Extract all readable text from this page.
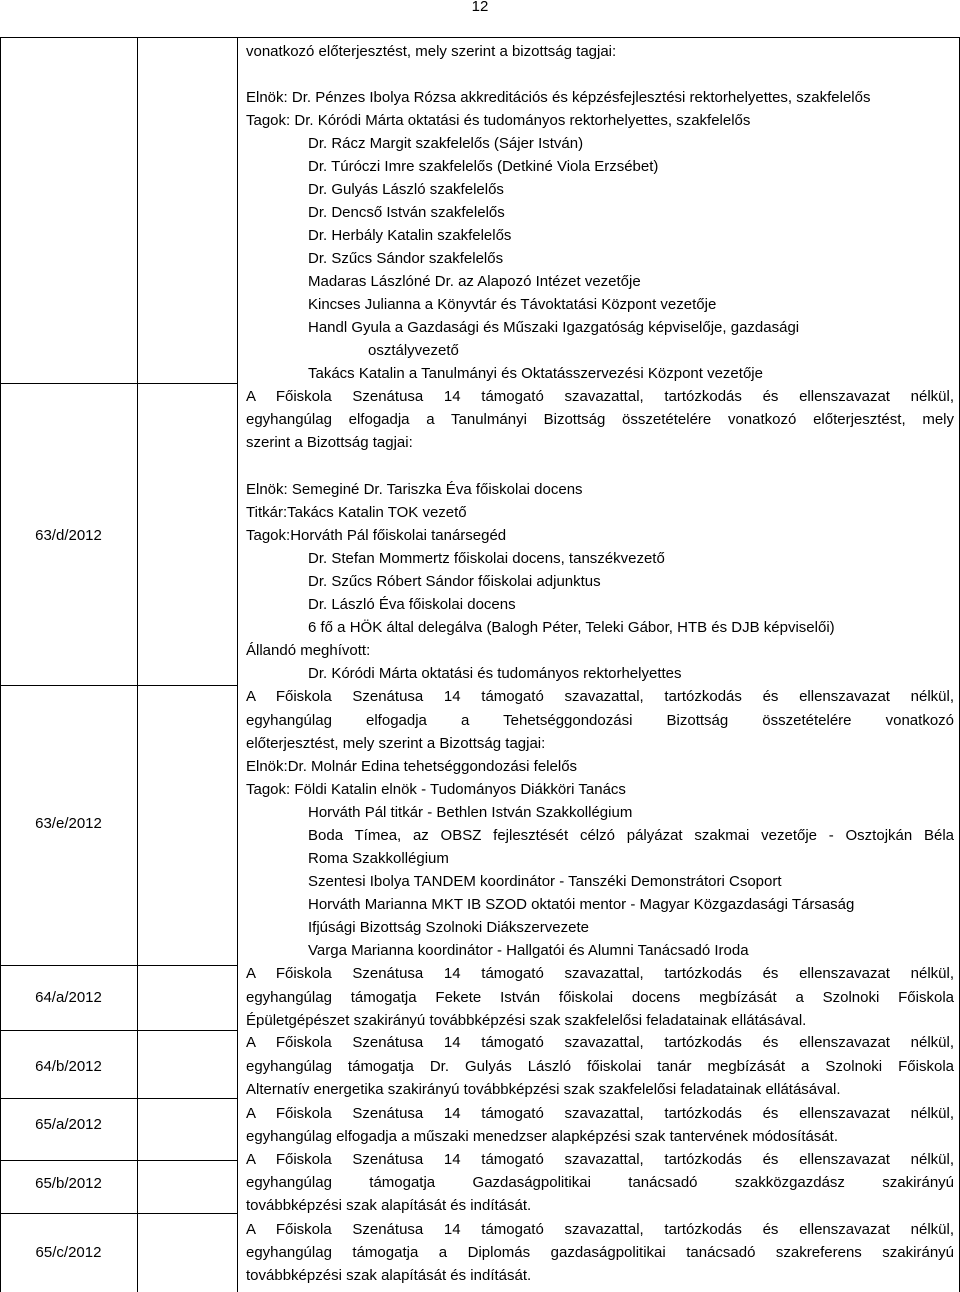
12
63/d/2012
63/e/2012
64/a/2012
64/b/2012
65/a/2012
65/b/2012
65/c/2012
vonatkozó előterjesztést, mely szerint a bizottság tagjai:
Elnök: Dr. Pénzes Ibolya Rózsa akkreditációs és képzésfejlesztési rektorhelyettes, szakfelelős
Tagok: Dr. Kóródi Márta oktatási és tudományos rektorhelyettes, szakfelelős
Dr. Rácz Margit szakfelelős (Sájer István)
Dr. Túróczi Imre szakfelelős (Detkiné Viola Erzsébet)
Dr. Gulyás László szakfelelős
Dr. Dencső István szakfelelős
Dr. Herbály Katalin szakfelelős
Dr. Szűcs Sándor szakfelelős
Madaras Lászlóné Dr. az Alapozó Intézet vezetője
Kincses Julianna a Könyvtár és Távoktatási Központ vezetője
Handl Gyula a Gazdasági és Műszaki Igazgatóság képviselője, gazdasági
osztályvezető
Takács Katalin a Tanulmányi és Oktatásszervezési Központ vezetője
A Főiskola Szenátusa 14 támogató szavazattal, tartózkodás és ellenszavazat nélkül,
egyhangúlag elfogadja a Tanulmányi Bizottság összetételére vonatkozó előterjesztést, mely
szerint a Bizottság tagjai:
Elnök: Semeginé Dr. Tariszka Éva főiskolai docens
Titkár:Takács Katalin TOK vezető
Tagok:Horváth Pál főiskolai tanársegéd
Dr. Stefan Mommertz főiskolai docens, tanszékvezető
Dr. Szűcs Róbert Sándor főiskolai adjunktus
Dr. László Éva főiskolai docens
6 fő a HÖK által delegálva (Balogh Péter, Teleki Gábor, HTB és DJB képviselői)
Állandó meghívott:
Dr. Kóródi Márta oktatási és tudományos rektorhelyettes
A Főiskola Szenátusa 14 támogató szavazattal, tartózkodás és ellenszavazat nélkül,
egyhangúlag elfogadja a Tehetséggondozási Bizottság összetételére vonatkozó
előterjesztést, mely szerint a Bizottság tagjai:
Elnök:Dr. Molnár Edina tehetséggondozási felelős
Tagok: Földi Katalin elnök - Tudományos Diákköri Tanács
Horváth Pál titkár - Bethlen István Szakkollégium
Boda Tímea, az OBSZ fejlesztését célzó pályázat szakmai vezetője - Osztojkán Béla
Roma Szakkollégium
Szentesi Ibolya TANDEM koordinátor - Tanszéki Demonstrátori Csoport
Horváth Marianna MKT IB SZOD oktatói mentor - Magyar Közgazdasági Társaság
Ifjúsági Bizottság Szolnoki Diákszervezete
Varga Marianna koordinátor - Hallgatói és Alumni Tanácsadó Iroda
A Főiskola Szenátusa 14 támogató szavazattal, tartózkodás és ellenszavazat nélkül,
egyhangúlag támogatja Fekete István főiskolai docens megbízását a Szolnoki Főiskola
Épületgépészet szakirányú továbbképzési szak szakfelelősi feladatainak ellátásával.
A Főiskola Szenátusa 14 támogató szavazattal, tartózkodás és ellenszavazat nélkül,
egyhangúlag támogatja Dr. Gulyás László főiskolai tanár megbízását a Szolnoki Főiskola
Alternatív energetika szakirányú továbbképzési szak szakfelelősi feladatainak ellátásával.
A Főiskola Szenátusa 14 támogató szavazattal, tartózkodás és ellenszavazat nélkül,
egyhangúlag elfogadja a műszaki menedzser alapképzési szak tantervének módosítását.
A Főiskola Szenátusa 14 támogató szavazattal, tartózkodás és ellenszavazat nélkül,
egyhangúlag támogatja Gazdaságpolitikai tanácsadó szakközgazdász szakirányú
továbbképzési szak alapítását és indítását.
A Főiskola Szenátusa 14 támogató szavazattal, tartózkodás és ellenszavazat nélkül,
egyhangúlag támogatja a Diplomás gazdaságpolitikai tanácsadó szakreferens szakirányú
továbbképzési szak alapítását és indítását.
